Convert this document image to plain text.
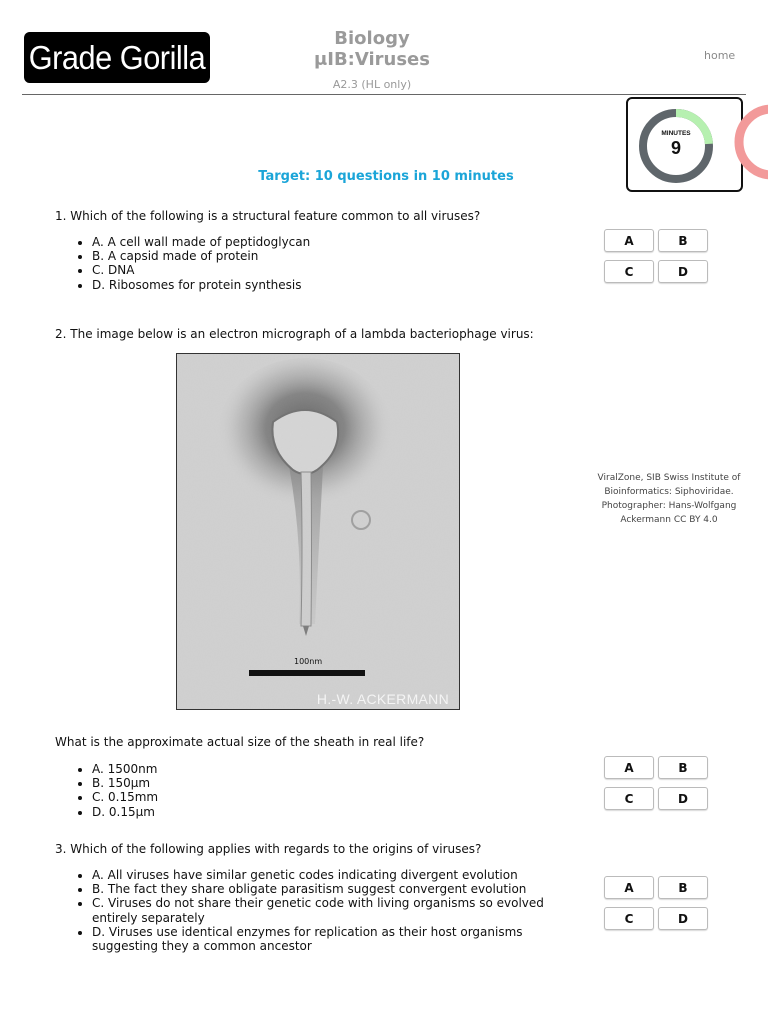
Grade Gorilla	Biology
μIB:Viruses
A2.3 (HL only)
home
MINUTES
9
Target: 10 questions in 10 minutes

1. Which of the following is a structural feature common to all viruses?

• A. A cell wall made of peptidoglycan
• B. A capsid made of protein
• C. DNA
• D. Ribosomes for protein synthesis
A	B
C	D

2. The image below is an electron micrograph of a lambda bacteriophage virus:

100nm
H.-W. ACKERMANN
ViralZone, SIB Swiss Institute of Bioinformatics: Siphoviridae. Photographer: Hans-Wolfgang Ackermann CC BY 4.0

What is the approximate actual size of the sheath in real life?

• A. 1500nm
• B. 150μm
• C. 0.15mm
• D. 0.15μm
A	B
C	D

3. Which of the following applies with regards to the origins of viruses?

• A. All viruses have similar genetic codes indicating divergent evolution
• B. The fact they share obligate parasitism suggest convergent evolution
• C. Viruses do not share their genetic code with living organisms so evolved entirely separately
• D. Viruses use identical enzymes for replication as their host organisms suggesting they a common ancestor
A	B
C	D
